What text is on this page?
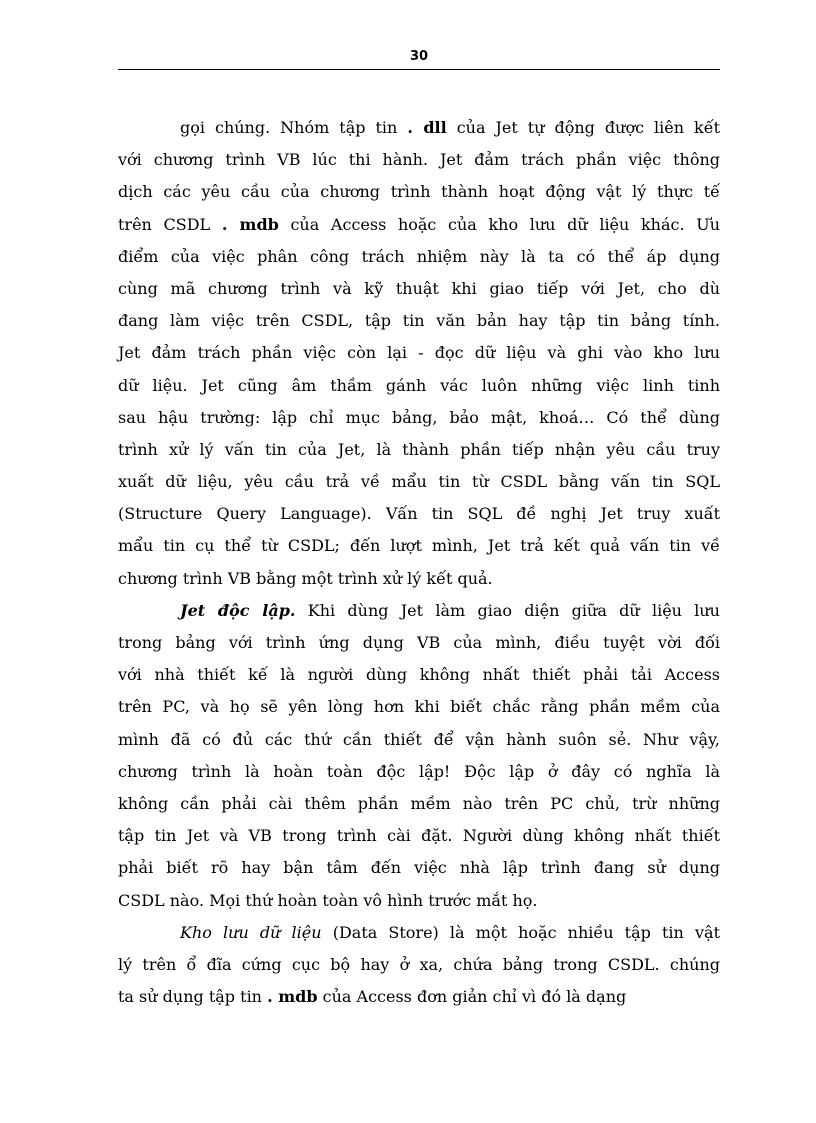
30
gọi chúng. Nhóm tập tin . dll của Jet tự động được liên kết
với chương trình VB lúc thi hành. Jet đảm trách phần việc thông
dịch các yêu cầu của chương trình thành hoạt động vật lý thực tế
trên CSDL . mdb của Access hoặc của kho lưu dữ liệu khác. Ưu
điểm của việc phân công trách nhiệm này là ta có thể áp dụng
cùng mã chương trình và kỹ thuật khi giao tiếp với Jet, cho dù
đang làm việc trên CSDL, tập tin văn bản hay tập tin bảng tính.
Jet đảm trách phần việc còn lại - đọc dữ liệu và ghi vào kho lưu
dữ liệu. Jet cũng âm thầm gánh vác luôn những việc linh tinh
sau hậu trường: lập chỉ mục bảng, bảo mật, khoá… Có thể dùng
trình xử lý vấn tin của Jet, là thành phần tiếp nhận yêu cầu truy
xuất dữ liệu, yêu cầu trả về mẩu tin từ CSDL bằng vấn tin SQL
(Structure Query Language). Vấn tin SQL đề nghị Jet truy xuất
mẩu tin cụ thể từ CSDL; đến lượt mình, Jet trả kết quả vấn tin về
chương trình VB bằng một trình xử lý kết quả.
Jet độc lập. Khi dùng Jet làm giao diện giữa dữ liệu lưu
trong bảng với trình ứng dụng VB của mình, điều tuyệt vời đối
với nhà thiết kế là người dùng không nhất thiết phải tải Access
trên PC, và họ sẽ yên lòng hơn khi biết chắc rằng phần mềm của
mình đã có đủ các thứ cần thiết để vận hành suôn sẻ. Như vậy,
chương trình là hoàn toàn độc lập! Độc lập ở đây có nghĩa là
không cần phải cài thêm phần mềm nào trên PC chủ, trừ những
tập tin Jet và VB trong trình cài đặt. Người dùng không nhất thiết
phải biết rõ hay bận tâm đến việc nhà lập trình đang sử dụng
CSDL nào. Mọi thứ hoàn toàn vô hình trước mắt họ.
Kho lưu dữ liệu (Data Store) là một hoặc nhiều tập tin vật
lý trên ổ đĩa cứng cục bộ hay ở xa, chứa bảng trong CSDL. chúng
ta sử dụng tập tin . mdb của Access đơn giản chỉ vì đó là dạng
